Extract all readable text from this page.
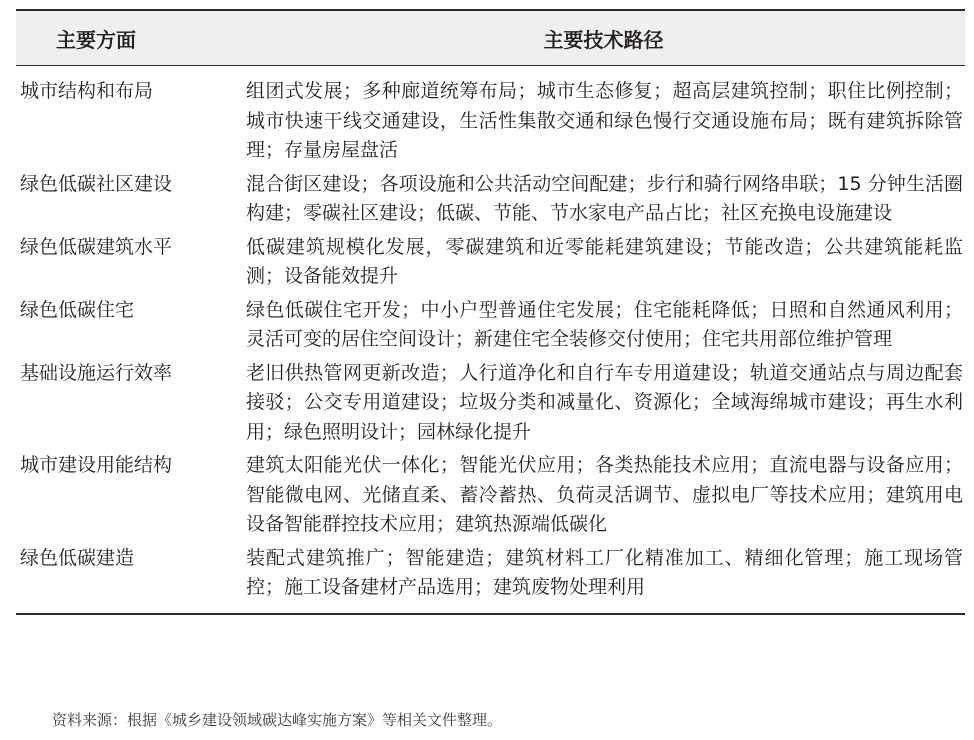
主要方面	主要技术路径
城市结构和布局	组团式发展；多种廊道统筹布局；城市生态修复；超高层建筑控制；职住比例控制；城市快速干线交通建设，生活性集散交通和绿色慢行交通设施布局；既有建筑拆除管理；存量房屋盘活
绿色低碳社区建设	混合街区建设；各项设施和公共活动空间配建；步行和骑行网络串联；15 分钟生活圈构建；零碳社区建设；低碳、节能、节水家电产品占比；社区充换电设施建设
绿色低碳建筑水平	低碳建筑规模化发展，零碳建筑和近零能耗建筑建设；节能改造；公共建筑能耗监测；设备能效提升
绿色低碳住宅	绿色低碳住宅开发；中小户型普通住宅发展；住宅能耗降低；日照和自然通风利用；灵活可变的居住空间设计；新建住宅全装修交付使用；住宅共用部位维护管理
基础设施运行效率	老旧供热管网更新改造；人行道净化和自行车专用道建设；轨道交通站点与周边配套接驳；公交专用道建设；垃圾分类和减量化、资源化；全域海绵城市建设；再生水利用；绿色照明设计；园林绿化提升
城市建设用能结构	建筑太阳能光伏一体化；智能光伏应用；各类热能技术应用；直流电器与设备应用；智能微电网、光储直柔、蓄冷蓄热、负荷灵活调节、虚拟电厂等技术应用；建筑用电设备智能群控技术应用；建筑热源端低碳化
绿色低碳建造	装配式建筑推广；智能建造；建筑材料工厂化精准加工、精细化管理；施工现场管控；施工设备建材产品选用；建筑废物处理利用
资料来源：根据《城乡建设领域碳达峰实施方案》等相关文件整理。
